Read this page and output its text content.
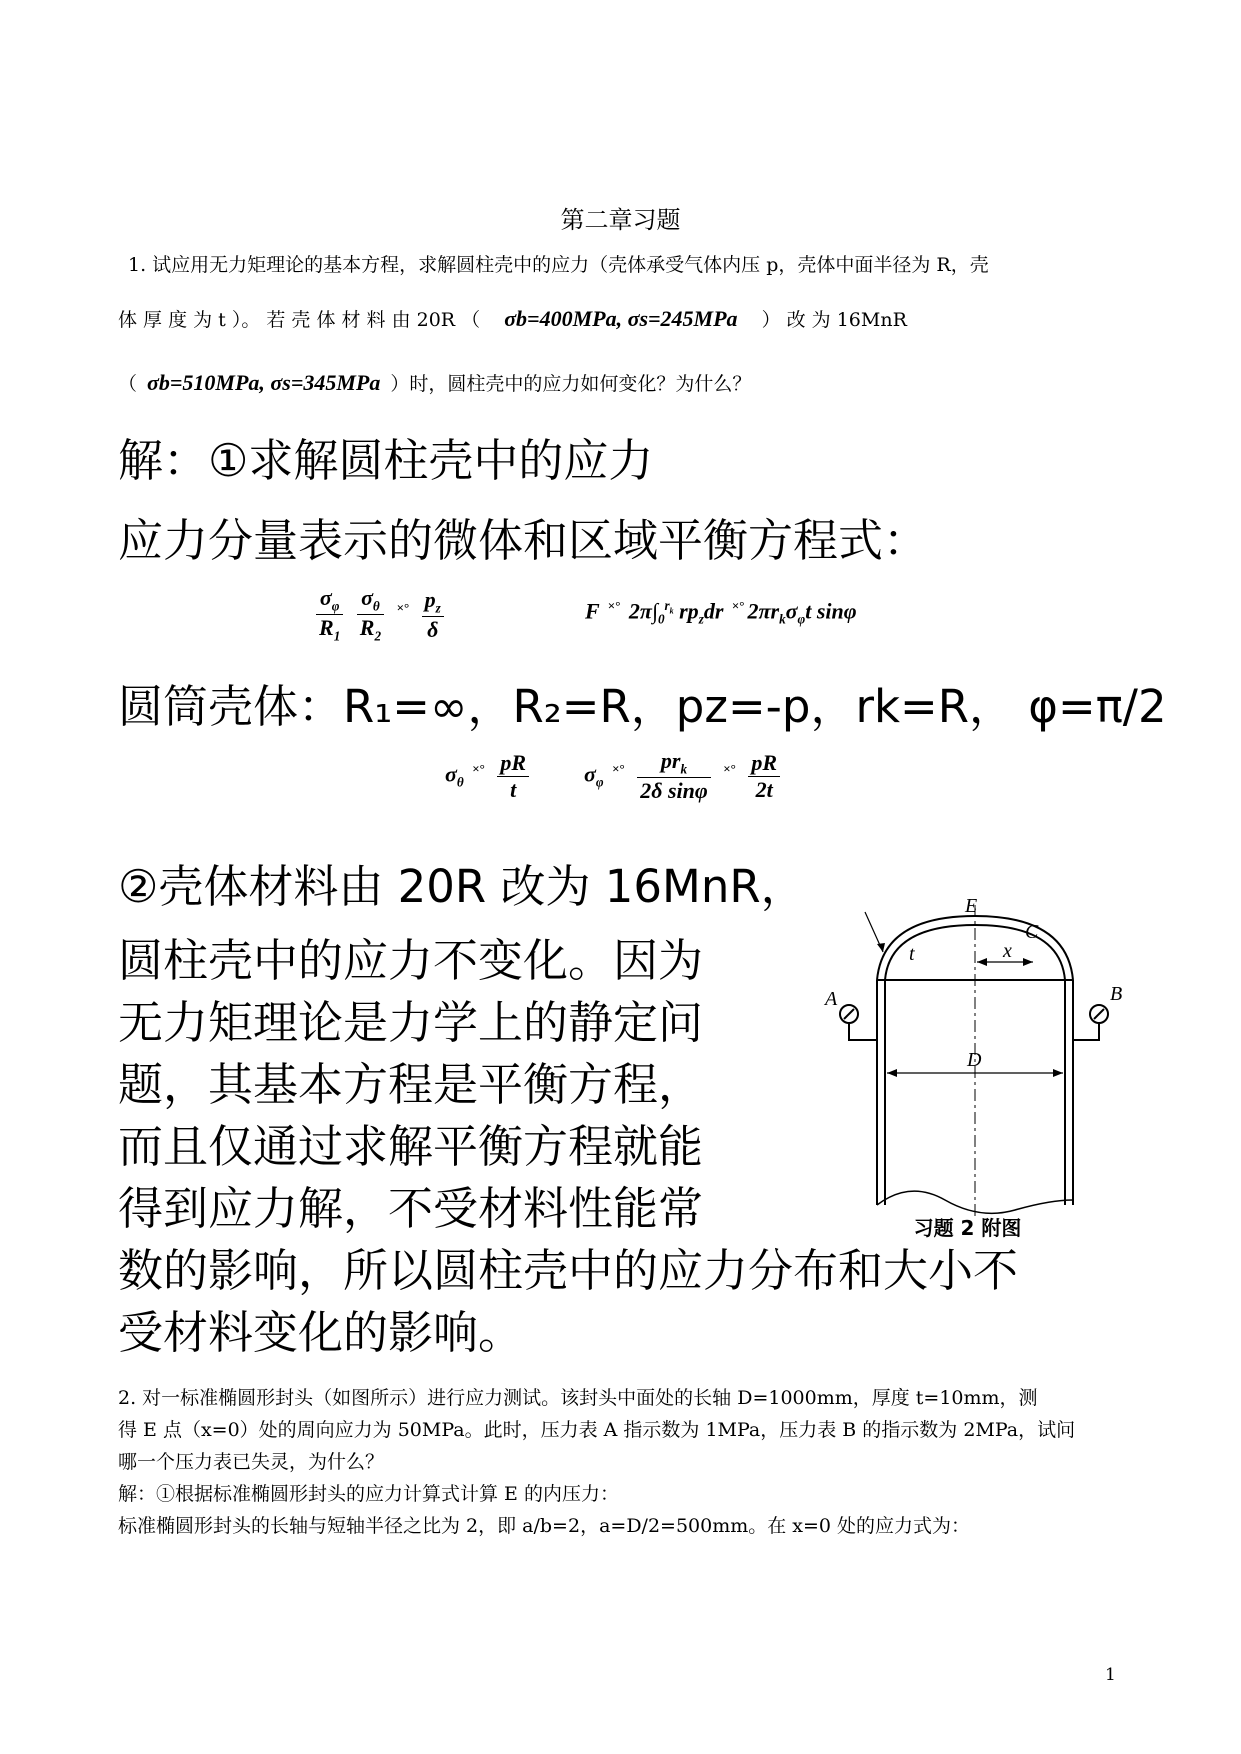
第二章习题
1. 试应用无力矩理论的基本方程，求解圆柱壳中的应力（壳体承受气体内压 p，壳体中面半径为 R，壳
体 厚 度 为 t ）。 若 壳 体 材 料 由 20R （ σb=400MPa, σs=245MPa ） 改 为 16MnR
（ σb=510MPa, σs=345MPa ）时，圆柱壳中的应力如何变化？为什么？
解：①求解圆柱壳中的应力
应力分量表示的微体和区域平衡方程式：
$\frac{\sigma_\varphi}{R_1}$
$\frac{\sigma_\theta}{R_2} ^{\times^\circ} \frac{p_z}{\delta}$	F ×° $2\pi\int_0^{r_k}$ $rp_zdr$ ×° $2\pi r_k\sigma_\varphi t$ sinφ
圆筒壳体：R₁=∞，R₂=R，pz=-p，rk=R， φ=π/2
$\sigma_\theta$ $^{\times^\circ} \frac{pR}{t} \sigma_\varphi$ $^{\times^\circ} \frac{pr_k}{\text{2δ sinφ}} ^{\times^\circ} \frac{pR}{2t}$
②壳体材料由 20R 改为 16MnR，
圆柱壳中的应力不变化。因为
无力矩理论是力学上的静定问
题，其基本方程是平衡方程，
而且仅通过求解平衡方程就能
得到应力解，不受材料性能常
数的影响，所以圆柱壳中的应力分布和大小不
受材料变化的影响。
E
C
A	B
D
t	x
习题 2 附图
2. 对一标准椭圆形封头（如图所示）进行应力测试。该封头中面处的长轴 D=1000mm，厚度 t=10mm，测
得 E 点（x=0）处的周向应力为 50MPa。此时，压力表 A 指示数为 1MPa，压力表 B 的指示数为 2MPa，试问
哪一个压力表已失灵，为什么？
解：①根据标准椭圆形封头的应力计算式计算 E 的内压力：
标准椭圆形封头的长轴与短轴半径之比为 2，即 a/b=2，a=D/2=500mm。在 x=0 处的应力式为：
1
